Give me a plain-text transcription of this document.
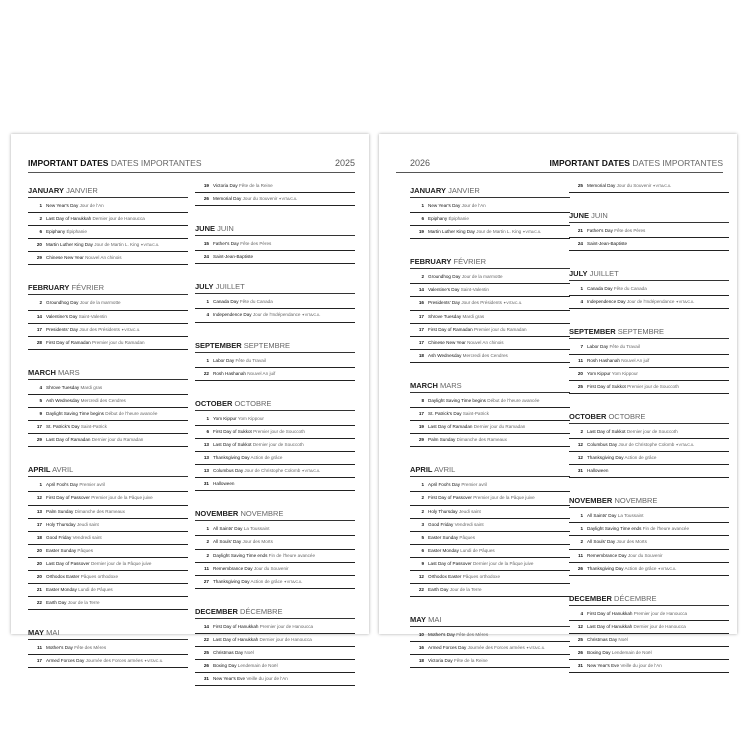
IMPORTANT DATES DATES IMPORTANTES	2025
JANUARY JANVIER
1 New Year's Day Jour de l'An
2 Last Day of Hanukkah Dernier jour de Hanoucca
6 Epiphany Épiphanie
20 Martin Luther King Day Jour de Martin L. King ✦VITA/C-IL
29 Chinese New Year Nouvel An chinois
FEBRUARY FÉVRIER
2 Groundhog Day Jour de la marmotte
14 Valentine's Day Saint-Valentin
17 Presidents' Day Jour des Présidents ✦VITA/C-IL
28 First Day of Ramadan Premier jour du Ramadan
MARCH MARS
4 Shrove Tuesday Mardi gras
5 Ash Wednesday Mercredi des Cendres
9 Daylight Saving Time begins Début de l'heure avancée
17 St. Patrick's Day Saint-Patrick
29 Last Day of Ramadan Dernier jour du Ramadan
APRIL AVRIL
1 April Fool's Day Premier avril
12 First Day of Passover Premier jour de la Pâque juive
13 Palm Sunday Dimanche des Rameaux
17 Holy Thursday Jeudi saint
18 Good Friday Vendredi saint
20 Easter Sunday Pâques
20 Last Day of Passover Dernier jour de la Pâque juive
20 Orthodox Easter Pâques orthodoxe
21 Easter Monday Lundi de Pâques
22 Earth Day Jour de la Terre
MAY MAI
11 Mother's Day Fête des Mères
17 Armed Forces Day Journée des Forces armées ✦VITA/C-IL
19 Victoria Day Fête de la Reine
26 Memorial Day Jour du Souvenir ✦VITA/C-IL
JUNE JUIN
15 Father's Day Fête des Pères
24 Saint-Jean-Baptiste
JULY JUILLET
1 Canada Day Fête du Canada
4 Independence Day Jour de l'Indépendance ✦VITA/C-IL
SEPTEMBER SEPTEMBRE
1 Labor Day Fête du Travail
22 Rosh Hashanah Nouvel An juif
OCTOBER OCTOBRE
1 Yom Kippur Yom Kippour
6 First Day of Sukkot Premier jour de Souccoth
13 Last Day of Sukkot Dernier jour de Souccoth
13 Thanksgiving Day Action de grâce
13 Columbus Day Jour de Christophe Colomb ✦VITA/C-IL
31 Halloween
NOVEMBER NOVEMBRE
1 All Saints' Day La Toussaint
2 All Souls' Day Jour des Morts
2 Daylight Saving Time ends Fin de l'heure avancée
11 Remembrance Day Jour du Souvenir
27 Thanksgiving Day Action de grâce ✦VITA/C-IL
DECEMBER DÉCEMBRE
14 First Day of Hanukkah Premier jour de Hanoucca
22 Last Day of Hanukkah Dernier jour de Hanoucca
25 Christmas Day Noël
26 Boxing Day Lendemain de Noël
31 New Year's Eve Veille du jour de l'An
2026	IMPORTANT DATES DATES IMPORTANTES
JANUARY JANVIER
1 New Year's Day Jour de l'An
6 Epiphany Épiphanie
19 Martin Luther King Day Jour de Martin L. King ✦VITA/C-IL
FEBRUARY FÉVRIER
2 Groundhog Day Jour de la marmotte
14 Valentine's Day Saint-Valentin
16 Presidents' Day Jour des Présidents ✦VITA/C-IL
17 Shrove Tuesday Mardi gras
17 First Day of Ramadan Premier jour du Ramadan
17 Chinese New Year Nouvel An chinois
18 Ash Wednesday Mercredi des Cendres
MARCH MARS
8 Daylight Saving Time begins Début de l'heure avancée
17 St. Patrick's Day Saint-Patrick
19 Last Day of Ramadan Dernier jour du Ramadan
29 Palm Sunday Dimanche des Rameaux
APRIL AVRIL
1 April Fool's Day Premier avril
2 First Day of Passover Premier jour de la Pâque juive
2 Holy Thursday Jeudi saint
3 Good Friday Vendredi saint
5 Easter Sunday Pâques
6 Easter Monday Lundi de Pâques
9 Last Day of Passover Dernier jour de la Pâque juive
12 Orthodox Easter Pâques orthodoxe
22 Earth Day Jour de la Terre
MAY MAI
10 Mother's Day Fête des Mères
16 Armed Forces Day Journée des Forces armées ✦VITA/C-IL
18 Victoria Day Fête de la Reine
25 Memorial Day Jour du Souvenir ✦VITA/C-IL
JUNE JUIN
21 Father's Day Fête des Pères
24 Saint-Jean-Baptiste
JULY JUILLET
1 Canada Day Fête du Canada
4 Independence Day Jour de l'Indépendance ✦VITA/C-IL
SEPTEMBER SEPTEMBRE
7 Labor Day Fête du Travail
11 Rosh Hashanah Nouvel An juif
20 Yom Kippur Yom Kippour
25 First Day of Sukkot Premier jour de Souccoth
OCTOBER OCTOBRE
2 Last Day of Sukkot Dernier jour de Souccoth
12 Columbus Day Jour de Christophe Colomb ✦VITA/C-IL
12 Thanksgiving Day Action de grâce
31 Halloween
NOVEMBER NOVEMBRE
1 All Saints' Day La Toussaint
1 Daylight Saving Time ends Fin de l'heure avancée
2 All Souls' Day Jour des Morts
11 Remembrance Day Jour du Souvenir
26 Thanksgiving Day Action de grâce ✦VITA/C-IL
DECEMBER DÉCEMBRE
4 First Day of Hanukkah Premier jour de Hanoucca
12 Last Day of Hanukkah Dernier jour de Hanoucca
25 Christmas Day Noël
26 Boxing Day Lendemain de Noël
31 New Year's Eve Veille du jour de l'An
